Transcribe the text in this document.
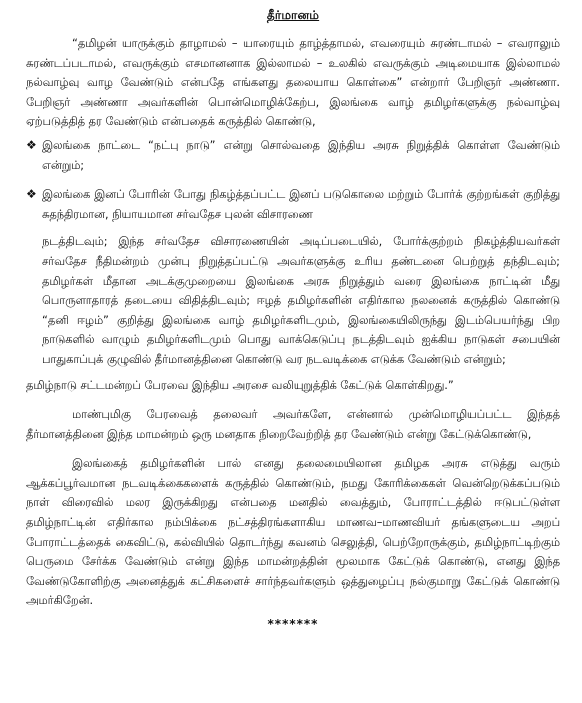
தீர்மானம்

“தமிழன் யாருக்கும் தாழாமல் – யாரையும் தாழ்த்தாமல், எவரையும் சுரண்டாமல் – எவராலும் சுரண்டப்படாமல், எவருக்கும் எசமானனாக இல்லாமல் – உலகில் எவருக்கும் அடிமையாக இல்லாமல் நல்வாழ்வு வாழ வேண்டும் என்பதே எங்களது தலையாய கொள்கை” என்றார் பேறிஞர் அண்ணா. பேறிஞர் அண்ணா அவர்களின் பொன்மொழிக்கேற்ப, இலங்கை வாழ் தமிழர்களுக்கு நல்வாழ்வு ஏற்படுத்தித் தர வேண்டும் என்பதைக் கருத்தில் கொண்டு,

❖ இலங்கை நாட்டை “நட்பு நாடு” என்று சொல்வதை இந்திய அரசு நிறுத்திக் கொள்ள வேண்டும் என்றும்;
❖ இலங்கை இனப் போரின் போது நிகழ்த்தப்பட்ட இனப் படுகொலை மற்றும் போர்க் குற்றங்கள் குறித்து சுதந்திரமான, நியாயமான சர்வதேச புலன் விசாரணை
நடத்திடவும்; இந்த சர்வதேச விசாரணையின் அடிப்படையில், போர்க்குற்றம் நிகழ்த்தியவர்கள் சர்வதேச நீதிமன்றம் முன்பு நிறுத்தப்பட்டு அவர்களுக்கு உரிய தண்டனை பெற்றுத் தந்திடவும்; தமிழர்கள் மீதான அடக்குமுறையை இலங்கை அரசு நிறுத்தும் வரை இலங்கை நாட்டின் மீது பொருளாதாரத் தடையை விதித்திடவும்; ஈழத் தமிழர்களின் எதிர்கால நலனைக் கருத்தில் கொண்டு “தனி ஈழம்” குறித்து இலங்கை வாழ் தமிழர்களிடமும், இலங்கையிலிருந்து இடம்பெயர்ந்து பிற நாடுகளில் வாழும் தமிழர்களிடமும் பொது வாக்கெடுப்பு நடத்திடவும் ஐக்கிய நாடுகள் சபையின் பாதுகாப்புக் குழுவில் தீர்மானத்தினை கொண்டு வர நடவடிக்கை எடுக்க வேண்டும் என்றும்;

தமிழ்நாடு சட்டமன்றப் பேரவை இந்திய அரசை வலியுறுத்திக் கேட்டுக் கொள்கிறது.”

மாண்புமிகு பேரவைத் தலைவர் அவர்களே, என்னால் முன்மொழியப்பட்ட இந்தத் தீர்மானத்தினை இந்த மாமன்றம் ஒரு மனதாக நிறைவேற்றித் தர வேண்டும் என்று கேட்டுக்கொண்டு,

இலங்கைத் தமிழர்களின் பால் எனது தலைமையிலான தமிழக அரசு எடுத்து வரும் ஆக்கப்பூர்வமான நடவடிக்கைகளைக் கருத்தில் கொண்டும், நமது கோரிக்கைகள் வென்றெடுக்கப்படும் நாள் விரைவில் மலர இருக்கிறது என்பதை மனதில் வைத்தும், போராட்டத்தில் ஈடுபட்டுள்ள தமிழ்நாட்டின் எதிர்கால நம்பிக்கை நட்சத்திரங்களாகிய மாணவ–மாணவியர் தங்களுடைய அறப் போராட்டத்தைக் கைவிட்டு, கல்வியில் தொடர்ந்து கவனம் செலுத்தி, பெற்றோருக்கும், தமிழ்நாட்டிற்கும் பெருமை சேர்க்க வேண்டும் என்று இந்த மாமன்றத்தின் மூலமாக கேட்டுக் கொண்டு, எனது இந்த வேண்டுகோளிற்கு அனைத்துக் கட்சிகளைச் சார்ந்தவர்களும் ஒத்துழைப்பு நல்குமாறு கேட்டுக் கொண்டு அமர்கிறேன்.

*******
